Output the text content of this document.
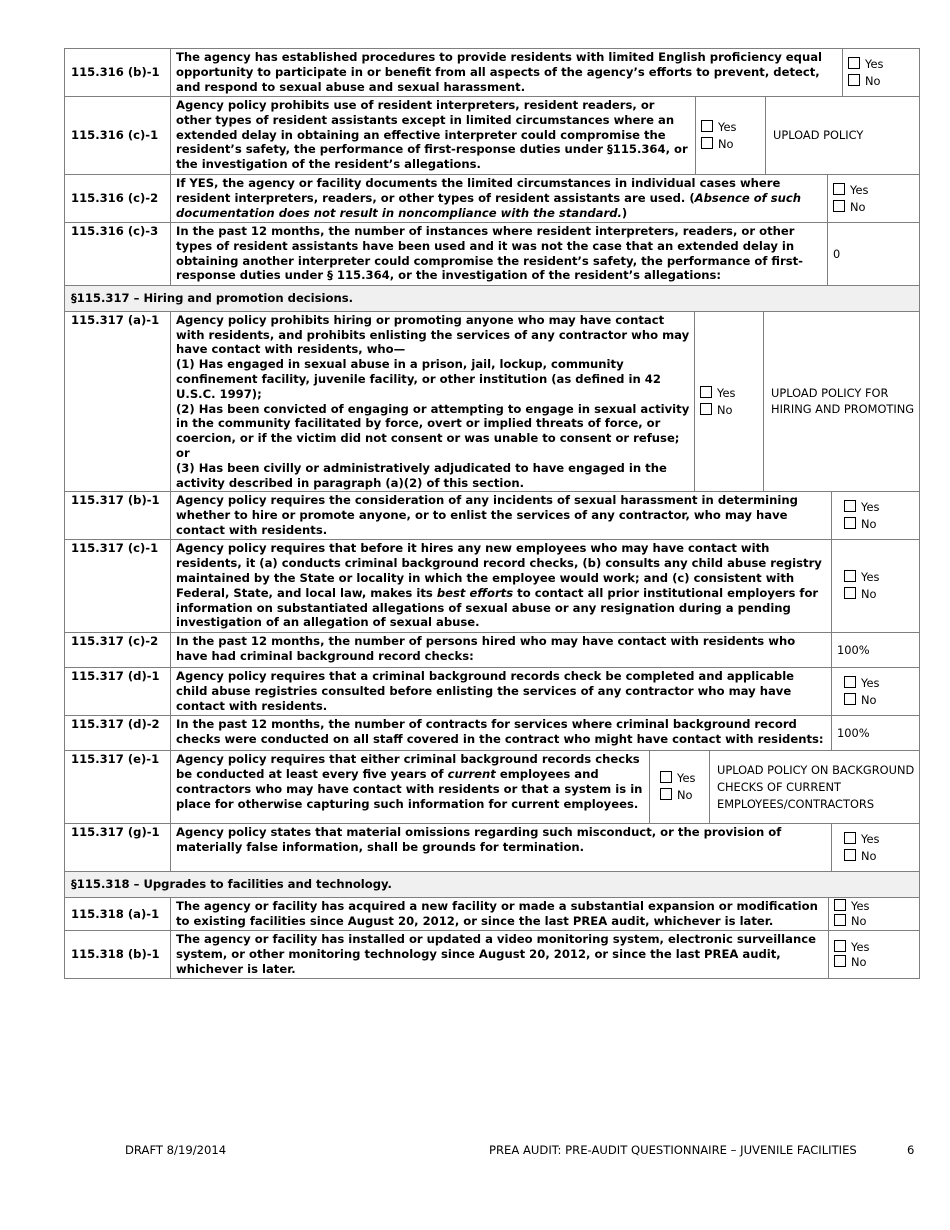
115.316 (b)-1	The agency has established procedures to provide residents with limited English proficiency equal opportunity to participate in or benefit from all aspects of the agency’s efforts to prevent, detect, and respond to sexual abuse and sexual harassment.	
Yes
No
115.316 (c)-1	Agency policy prohibits use of resident interpreters, resident readers, or other types of resident assistants except in limited circumstances where an extended delay in obtaining an effective interpreter could compromise the resident’s safety, the performance of first-response duties under §115.364, or the investigation of the resident’s allegations.	
Yes
No
	UPLOAD POLICY
115.316 (c)-2	If YES, the agency or facility documents the limited circumstances in individual cases where resident interpreters, readers, or other types of resident assistants are used. (Absence of such documentation does not result in noncompliance with the standard.)	Yes
No

115.316 (c)-3	In the past 12 months, the number of instances where resident interpreters, readers, or other types of resident assistants have been used and it was not the case that an extended delay in obtaining another interpreter could compromise the resident’s safety, the performance of first-response duties under § 115.364, or the investigation of the resident’s allegations:	0
§115.317 – Hiring and promotion decisions.
115.317 (a)-1	Agency policy prohibits hiring or promoting anyone who may have contact with residents, and prohibits enlisting the services of any contractor who may have contact with residents, who—
(1) Has engaged in sexual abuse in a prison, jail, lockup, community confinement facility, juvenile facility, or other institution (as defined in 42 U.S.C. 1997);
(2) Has been convicted of engaging or attempting to engage in sexual activity in the community facilitated by force, overt or implied threats of force, or coercion, or if the victim did not consent or was unable to consent or refuse; or
(3) Has been civilly or administratively adjudicated to have engaged in the activity described in paragraph (a)(2) of this section.

Yes
No
	UPLOAD POLICY FOR HIRING AND PROMOTING
115.317 (b)-1	Agency policy requires the consideration of any incidents of sexual harassment in determining whether to hire or promote anyone, or to enlist the services of any contractor, who may have contact with residents.	Yes
No

115.317 (c)-1	Agency policy requires that before it hires any new employees who may have contact with residents, it (a) conducts criminal background record checks, (b) consults any child abuse registry maintained by the State or locality in which the employee would work; and (c) consistent with Federal, State, and local law, makes its best efforts to contact all prior institutional employers for information on substantiated allegations of sexual abuse or any resignation during a pending investigation of an allegation of sexual abuse.	Yes
No

115.317 (c)-2	In the past 12 months, the number of persons hired who may have contact with residents who have had criminal background record checks:	100%
115.317 (d)-1	Agency policy requires that a criminal background records check be completed and applicable child abuse registries consulted before enlisting the services of any contractor who may have contact with residents.	Yes
No

115.317 (d)-2	In the past 12 months, the number of contracts for services where criminal background record checks were conducted on all staff covered in the contract who might have contact with residents:	100%
115.317 (e)-1	Agency policy requires that either criminal background records checks be conducted at least every five years of current employees and contractors who may have contact with residents or that a system is in place for otherwise capturing such information for current employees.	
Yes
No
	UPLOAD POLICY ON BACKGROUND CHECKS OF CURRENT EMPLOYEES/CONTRACTORS
115.317 (g)-1	Agency policy states that material omissions regarding such misconduct, or the provision of materially false information, shall be grounds for termination.	
Yes
No
§115.318 – Upgrades to facilities and technology.
115.318 (a)-1	The agency or facility has acquired a new facility or made a substantial expansion or modification to existing facilities since August 20, 2012, or since the last PREA audit, whichever is later.	Yes
No

115.318 (b)-1	The agency or facility has installed or updated a video monitoring system, electronic surveillance system, or other monitoring technology since August 20, 2012, or since the last PREA audit, whichever is later.	Yes
No
DRAFT 8/19/2014	PREA AUDIT: PRE-AUDIT QUESTIONNAIRE – JUVENILE FACILITIES	6
